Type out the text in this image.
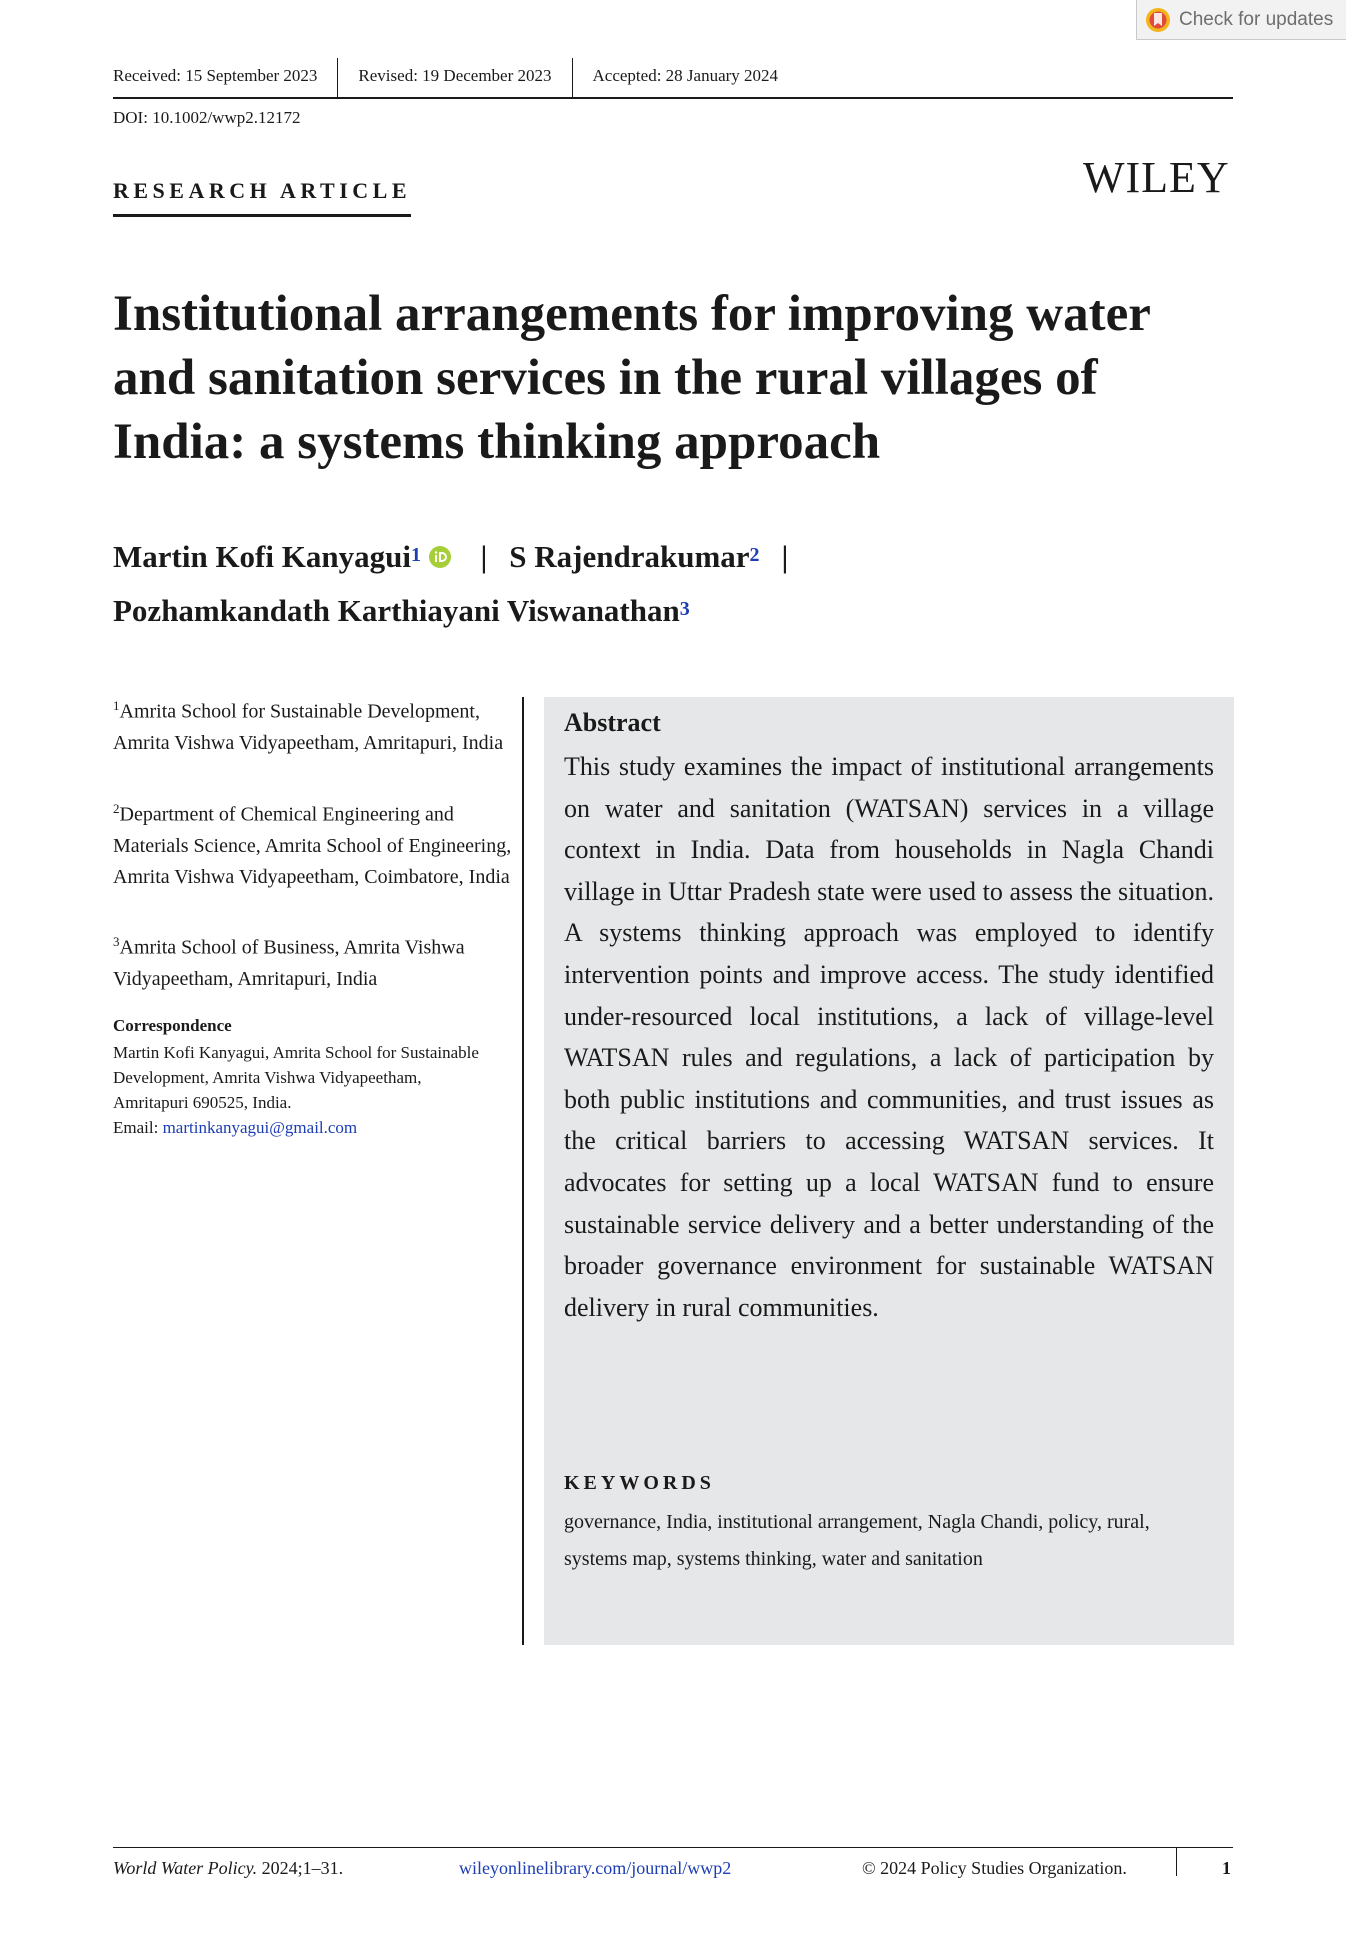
Check for updates
Received: 15 September 2023	Revised: 19 December 2023	Accepted: 28 January 2024
DOI: 10.1002/wwp2.12172
RESEARCH ARTICLE	WILEY
Institutional arrangements for improving water and sanitation services in the rural villages of India: a systems thinking approach
Martin Kofi Kanyagui$^1$ | S Rajendrakumar$^2$ |
Pozhamkandath Karthiayani Viswanathan$^3$
$^1$Amrita School for Sustainable Development, Amrita Vishwa Vidyapeetham, Amritapuri, India
$^2$Department of Chemical Engineering and Materials Science, Amrita School of Engineering, Amrita Vishwa Vidyapeetham, Coimbatore, India
$^3$Amrita School of Business, Amrita Vishwa Vidyapeetham, Amritapuri, India
Correspondence
Martin Kofi Kanyagui, Amrita School for Sustainable Development, Amrita Vishwa Vidyapeetham, Amritapuri 690525, India.
Email: martinkanyagui@gmail.com
Abstract

This study examines the impact of institutional arrangements on water and sanitation (WATSAN) services in a village context in India. Data from households in Nagla Chandi village in Uttar Pradesh state were used to assess the situation. A systems thinking approach was employed to identify intervention points and improve access. The study identified under-resourced local institutions, a lack of village-level WATSAN rules and regulations, a lack of participation by both public institutions and communities, and trust issues as the critical barriers to accessing WATSAN services. It advocates for setting up a local WATSAN fund to ensure sustainable service delivery and a better understanding of the broader governance environment for sustainable WATSAN delivery in rural communities.

KEYWORDS
governance, India, institutional arrangement, Nagla Chandi, policy, rural, systems map, systems thinking, water and sanitation
World Water Policy. 2024;1–31.	wileyonlinelibrary.com/journal/wwp2	© 2024 Policy Studies Organization.	1
